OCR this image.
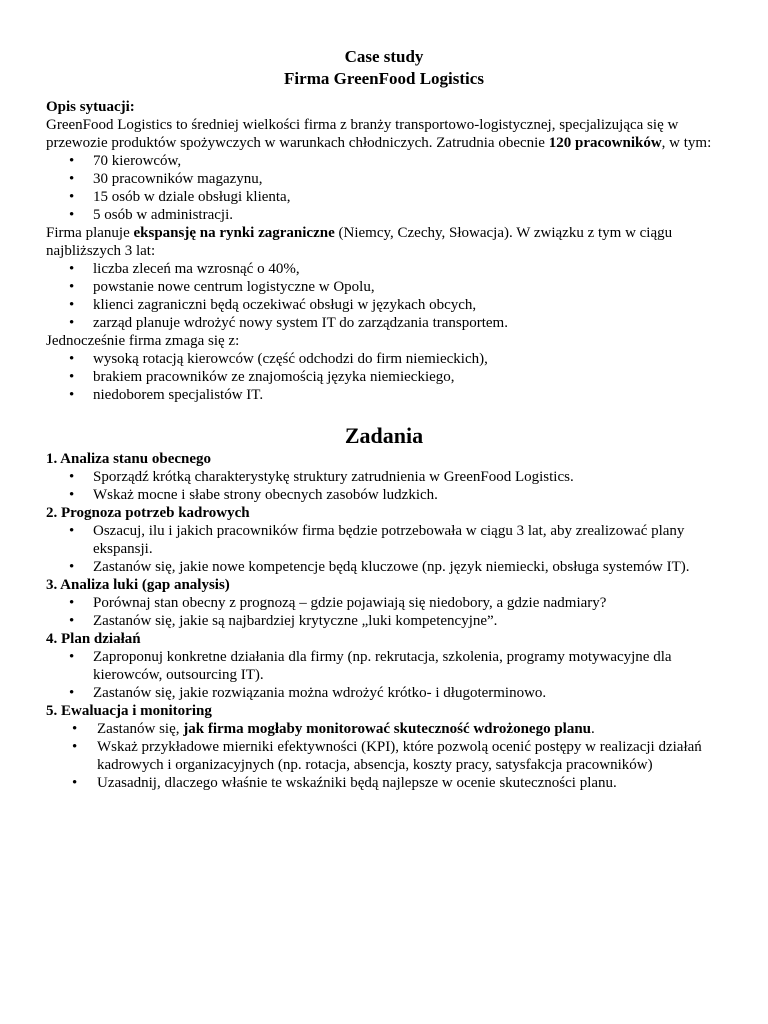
Case study
Firma GreenFood Logistics

Opis sytuacji:

GreenFood Logistics to średniej wielkości firma z branży transportowo-logistycznej, specjalizująca się w przewozie produktów spożywczych w warunkach chłodniczych. Zatrudnia obecnie 120 pracowników, w tym:

• 70 kierowców,
• 30 pracowników magazynu,
• 15 osób w dziale obsługi klienta,
• 5 osób w administracji.

Firma planuje ekspansję na rynki zagraniczne (Niemcy, Czechy, Słowacja). W związku z tym w ciągu najbliższych 3 lat:

• liczba zleceń ma wzrosnąć o 40%,
• powstanie nowe centrum logistyczne w Opolu,
• klienci zagraniczni będą oczekiwać obsługi w językach obcych,
• zarząd planuje wdrożyć nowy system IT do zarządzania transportem.

Jednocześnie firma zmaga się z:

• wysoką rotacją kierowców (część odchodzi do firm niemieckich),
• brakiem pracowników ze znajomością języka niemieckiego,
• niedoborem specjalistów IT.
Zadania

1. Analiza stanu obecnego

• Sporządź krótką charakterystykę struktury zatrudnienia w GreenFood Logistics.
• Wskaż mocne i słabe strony obecnych zasobów ludzkich.

2. Prognoza potrzeb kadrowych

• Oszacuj, ilu i jakich pracowników firma będzie potrzebowała w ciągu 3 lat, aby zrealizować plany ekspansji.
• Zastanów się, jakie nowe kompetencje będą kluczowe (np. język niemiecki, obsługa systemów IT).

3. Analiza luki (gap analysis)

• Porównaj stan obecny z prognozą – gdzie pojawiają się niedobory, a gdzie nadmiary?
• Zastanów się, jakie są najbardziej krytyczne „luki kompetencyjne”.

4. Plan działań

• Zaproponuj konkretne działania dla firmy (np. rekrutacja, szkolenia, programy motywacyjne dla kierowców, outsourcing IT).
• Zastanów się, jakie rozwiązania można wdrożyć krótko- i długoterminowo.

5. Ewaluacja i monitoring

• Zastanów się, jak firma mogłaby monitorować skuteczność wdrożonego planu.
• Wskaż przykładowe mierniki efektywności (KPI), które pozwolą ocenić postępy w realizacji działań kadrowych i organizacyjnych (np. rotacja, absencja, koszty pracy, satysfakcja pracowników)
• Uzasadnij, dlaczego właśnie te wskaźniki będą najlepsze w ocenie skuteczności planu.
